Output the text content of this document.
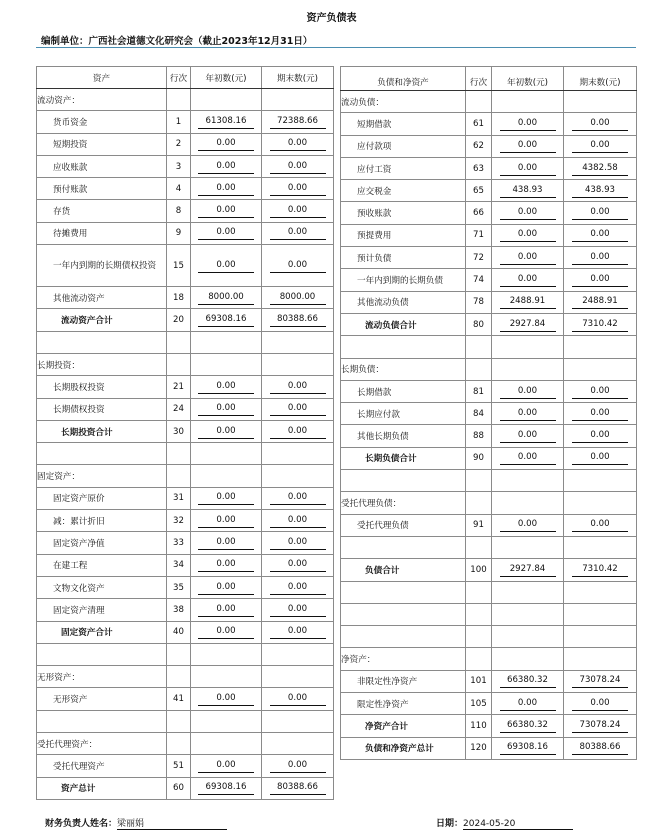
资产负债表
编制单位：广西社会道德文化研究会（截止2023年12月31日）
资产	行次	年初数(元)	期末数(元)
流动资产：			
货币资金	1	61308.16	72388.66
短期投资	2	0.00	0.00
应收账款	3	0.00	0.00
预付账款	4	0.00	0.00
存货	8	0.00	0.00
待摊费用	9	0.00	0.00
一年内到期的长期债权投资	15	0.00	0.00
其他流动资产	18	8000.00	8000.00
流动资产合计	20	69308.16	80388.66

长期投资：			
长期股权投资	21	0.00	0.00
长期债权投资	24	0.00	0.00
长期投资合计	30	0.00	0.00

固定资产：			
固定资产原价	31	0.00	0.00
减：累计折旧	32	0.00	0.00
固定资产净值	33	0.00	0.00
在建工程	34	0.00	0.00
文物文化资产	35	0.00	0.00
固定资产清理	38	0.00	0.00
固定资产合计	40	0.00	0.00

无形资产：			
无形资产	41	0.00	0.00

受托代理资产：			
受托代理资产	51	0.00	0.00
资产总计	60	69308.16	80388.66
负债和净资产	行次	年初数(元)	期末数(元)
流动负债：			
短期借款	61	0.00	0.00
应付款项	62	0.00	0.00
应付工资	63	0.00	4382.58
应交税金	65	438.93	438.93
预收账款	66	0.00	0.00
预提费用	71	0.00	0.00
预计负债	72	0.00	0.00
一年内到期的长期负债	74	0.00	0.00
其他流动负债	78	2488.91	2488.91
流动负债合计	80	2927.84	7310.42

长期负债：			
长期借款	81	0.00	0.00
长期应付款	84	0.00	0.00
其他长期负债	88	0.00	0.00
长期负债合计	90	0.00	0.00

受托代理负债：			
受托代理负债	91	0.00	0.00

负债合计	100	2927.84	7310.42

净资产：			
非限定性净资产	101	66380.32	73078.24
限定性净资产	105	0.00	0.00
净资产合计	110	66380.32	73078.24
负债和净资产总计	120	69308.16	80388.66
财务负责人姓名：梁丽娟	日期：2024-05-20
